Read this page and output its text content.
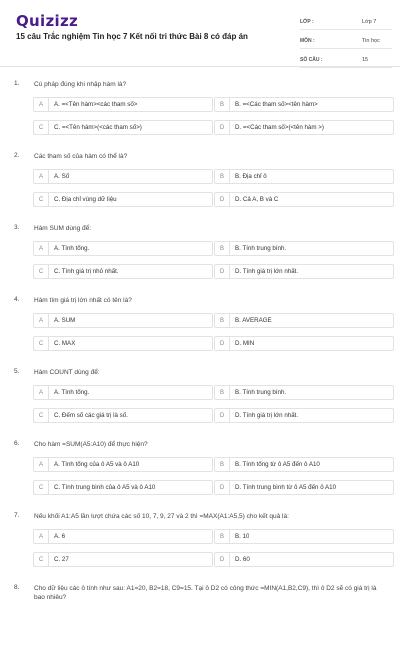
Quizizz
15 câu Trắc nghiệm Tin học 7 Kết nối tri thức Bài 8 có đáp án
LỚP :	Lớp 7
MÔN :	Tin học
SỐ CÂU :	15
1. Cú pháp đúng khi nhập hàm là?
A	A. =<Tên hàm><các tham số>	B	B. =<Các tham số><tên hàm>
C	C. =<Tên hàm>(<các tham số>)	D	D. =<Các tham số>(<tên hàm >)
2. Các tham số của hàm có thể là?
A	A. Số	B	B. Địa chỉ ô
C	C. Địa chỉ vùng dữ liệu	D	D. Cả A, B và C
3. Hàm SUM dùng để:
A	A. Tính tổng.	B	B. Tính trung bình.
C	C. Tính giá trị nhỏ nhất.	D	D. Tính giá trị lớn nhất.
4. Hàm tìm giá trị lớn nhất có tên là?
A	A. SUM	B	B. AVERAGE
C	C. MAX	D	D. MIN
5. Hàm COUNT dùng để:
A	A. Tính tổng.	B	B. Tính trung bình.
C	C. Đếm số các giá trị là số.	D	D. Tính giá trị lớn nhất.
6. Cho hàm =SUM(A5:A10) để thực hiện?
A	A. Tính tổng của ô A5 và ô A10	B	B. Tính tổng từ ô A5 đến ô A10
C	C. Tính trung bình của ô A5 và ô A10	D	D. Tính trung bình từ ô A5 đến ô A10
7. Nếu khối A1:A5 lần lượt chứa các số 10, 7, 9, 27 và 2 thì =MAX(A1:A5,5) cho kết quả là:
A	A. 6	B	B. 10
C	C. 27	D	D. 60
8. Cho dữ liệu các ô tính như sau: A1=20, B2=18, C9=15. Tại ô D2 có công thức =MIN(A1,B2,C9), thì ô D2 sẽ có giá trị là bao nhiêu?
